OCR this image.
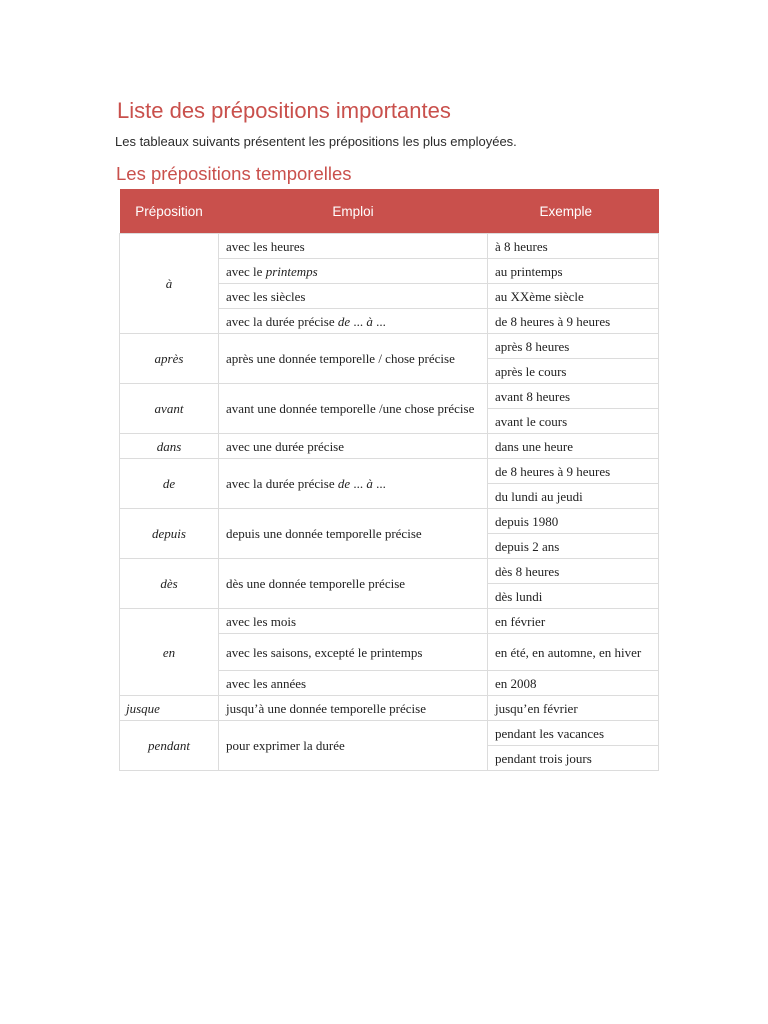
Liste des prépositions importantes

Les tableaux suivants présentent les prépositions les plus employées.

Les prépositions temporelles
Préposition	Emploi	Exemple
à	avec les heures	à 8 heures
	avec le printemps	au printemps
	avec les siècles	au XXème siècle
	avec la durée précise de ... à ...	de 8 heures à 9 heures
après	après une donnée temporelle / chose précise	après 8 heures
		après le cours
avant	avant une donnée temporelle /une chose précise	avant 8 heures
		avant le cours
dans	avec une durée précise	dans une heure
de	avec la durée précise de ... à ...	de 8 heures à 9 heures
		du lundi au jeudi
depuis	depuis une donnée temporelle précise	depuis 1980
		depuis 2 ans
dès	dès une donnée temporelle précise	dès 8 heures
		dès lundi
en	avec les mois	en février
	avec les saisons, excepté le printemps	en été, en automne, en hiver
	avec les années	en 2008
jusque	jusqu’à une donnée temporelle précise	jusqu’en février
pendant	pour exprimer la durée	pendant les vacances
		pendant trois jours
